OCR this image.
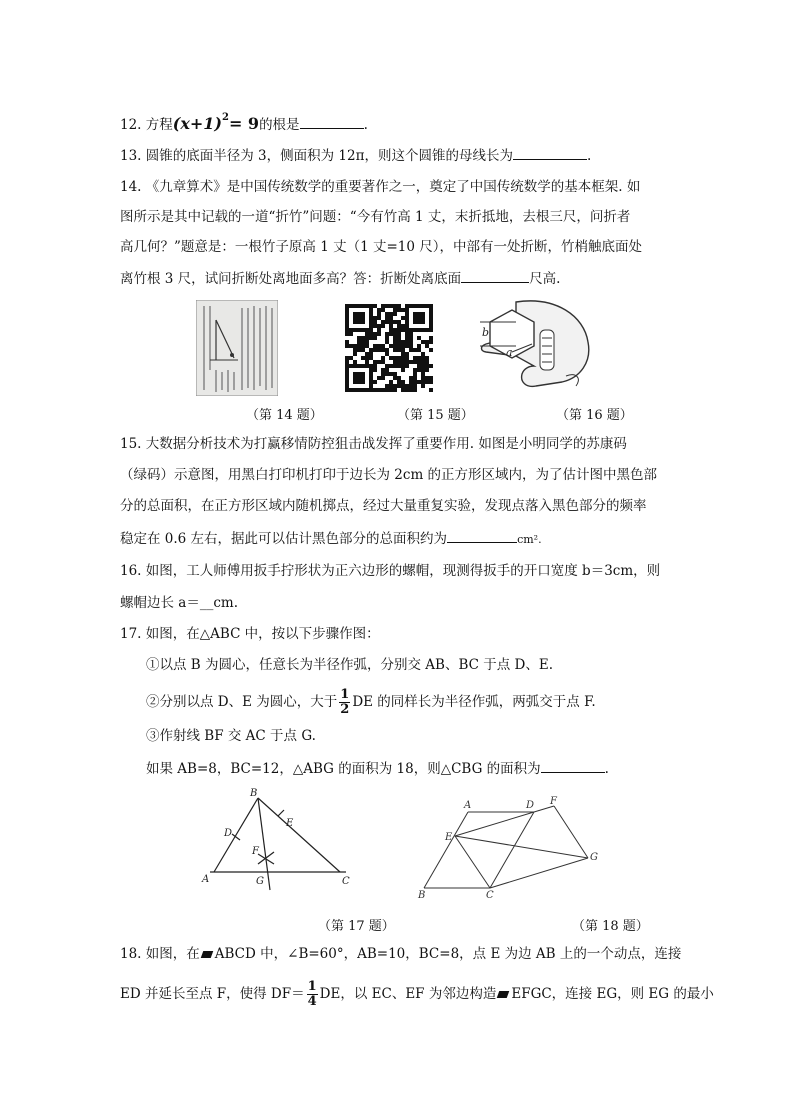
12. 方程$(x+1)^2= 9$的根是	.
13. 圆锥的底面半径为 3，侧面积为 12π，则这个圆锥的母线长为	.
14. 《九章算术》是中国传统数学的重要著作之一，奠定了中国传统数学的基本框架. 如
图所示是其中记载的一道“折竹”问题：“今有竹高 1 丈，末折抵地，去根三尺，问折者
高几何？”题意是：一根竹子原高 1 丈（1 丈=10 尺），中部有一处折断，竹梢触底面处
离竹根 3 尺，试问折断处离地面多高？答：折断处离底面	尺高.
b
a
（第 14 题）	（第 15 题）	（第 16 题）
15. 大数据分析技术为打赢移情防控狙击战发挥了重要作用. 如图是小明同学的苏康码
（绿码）示意图，用黑白打印机打印于边长为 2cm 的正方形区域内，为了估计图中黑色部
分的总面积，在正方形区域内随机掷点，经过大量重复实验，发现点落入黑色部分的频率
稳定在 0.6 左右，据此可以估计黑色部分的总面积约为	cm².
16. 如图，工人师傅用扳手拧形状为正六边形的螺帽，现测得扳手的开口宽度 b＝3cm，则
螺帽边长 a＝__cm.
17. 如图，在△ABC 中，按以下步骤作图：
①以点 B 为圆心，任意长为半径作弧，分别交 AB、BC 于点 D、E.
②分别以点 D、E 为圆心，大于 $\frac{1}{2}$ DE 的同样长为半径作弧，两弧交于点 F.
③作射线 BF 交 AC 于点 G.
如果 AB=8，BC=12，△ABG 的面积为 18，则△CBG 的面积为	.
B
D
E
F
A	G	C
A	D F
E
G
B	C
（第 17 题）	（第 18 题）
18. 如图，在 ABCD 中，∠B=60°，AB=10，BC=8，点 E 为边 AB 上的一个动点，连接
ED 并延长至点 F，使得 $DF= \frac{1}{4}$ DE，以 EC、EF 为邻边构造 EFGC，连接 EG，则 EG 的最小
